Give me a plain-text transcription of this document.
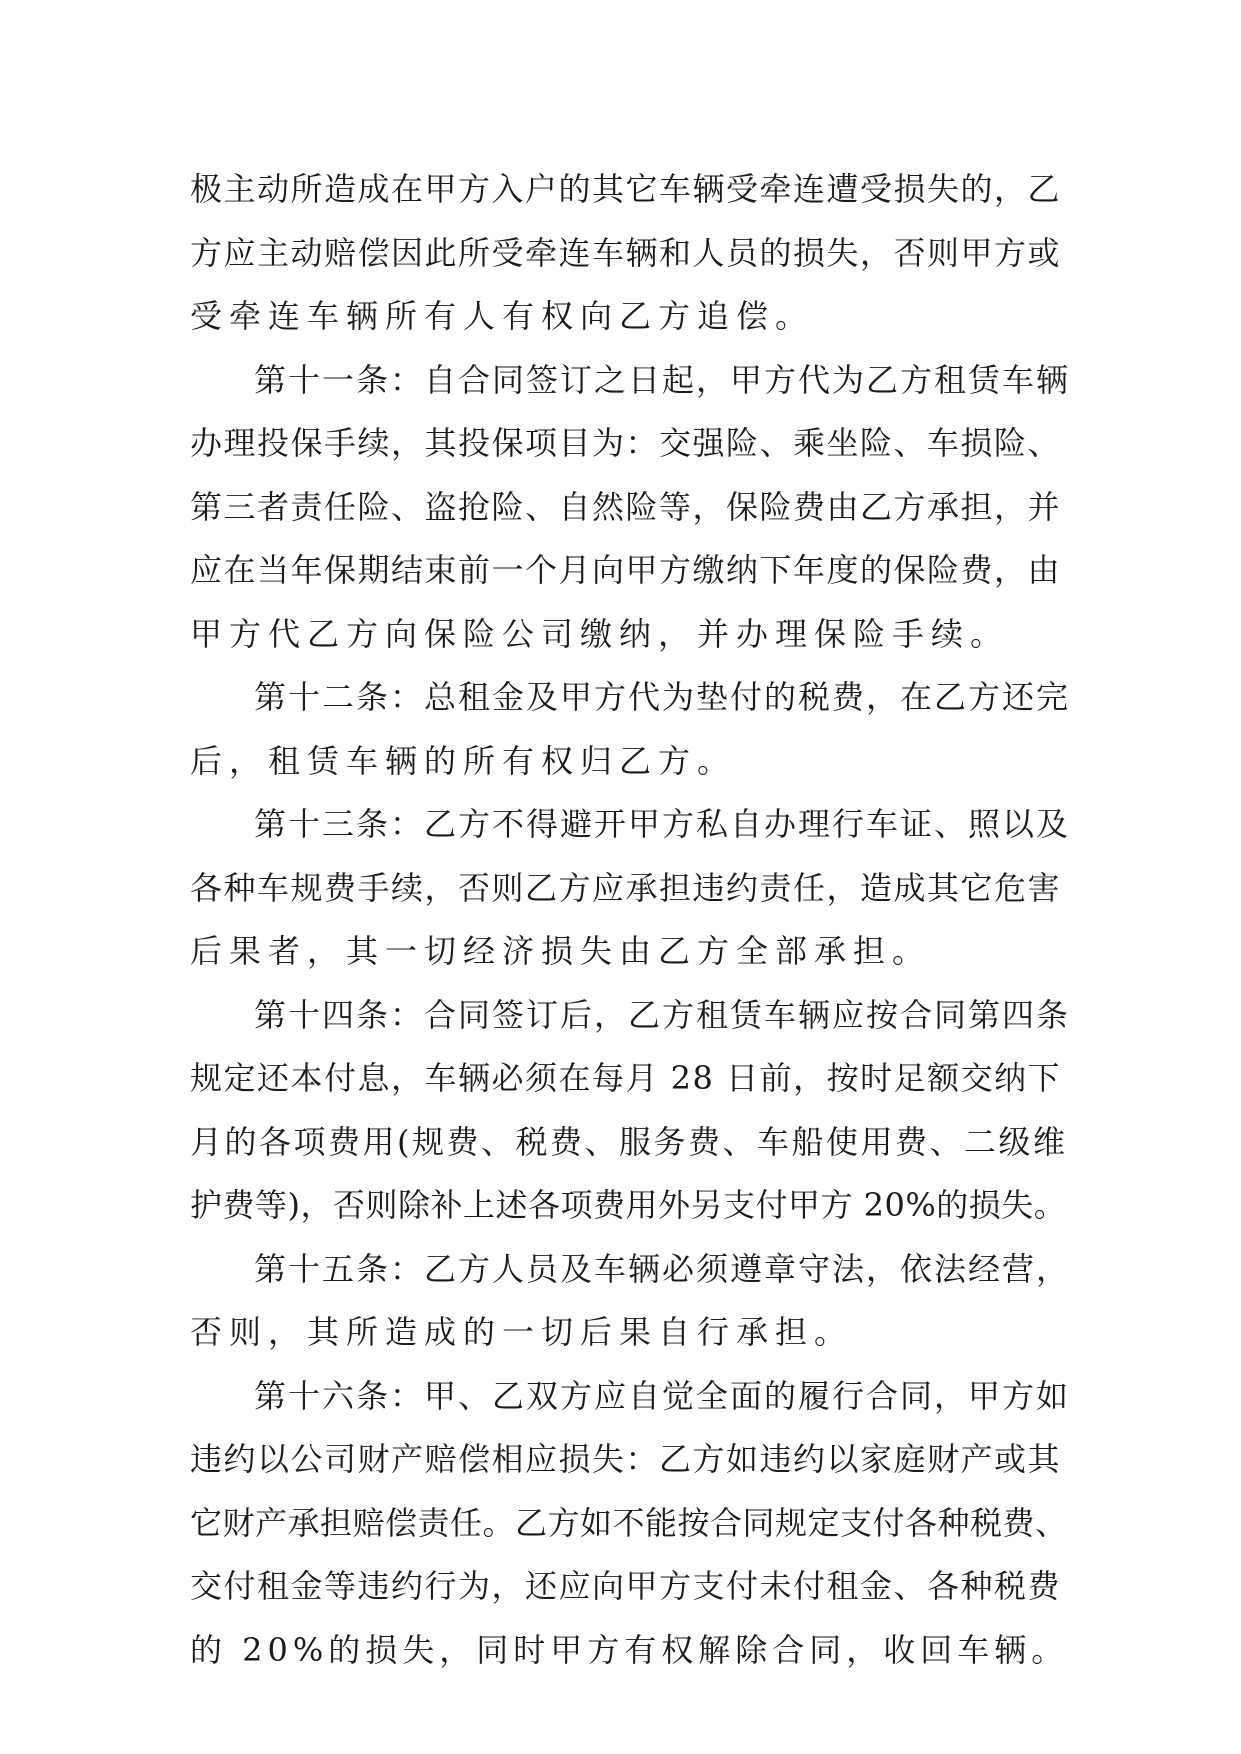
极主动所造成在甲方入户的其它车辆受牵连遭受损失的，乙
方应主动赔偿因此所受牵连车辆和人员的损失，否则甲方或
受牵连车辆所有人有权向乙方追偿。

第十一条：自合同签订之日起，甲方代为乙方租赁车辆
办理投保手续，其投保项目为：交强险、乘坐险、车损险、
第三者责任险、盗抢险、自然险等，保险费由乙方承担，并
应在当年保期结束前一个月向甲方缴纳下年度的保险费，由
甲方代乙方向保险公司缴纳，并办理保险手续。

第十二条：总租金及甲方代为垫付的税费，在乙方还完
后，租赁车辆的所有权归乙方。

第十三条：乙方不得避开甲方私自办理行车证、照以及
各种车规费手续，否则乙方应承担违约责任，造成其它危害
后果者，其一切经济损失由乙方全部承担。

第十四条：合同签订后，乙方租赁车辆应按合同第四条
规定还本付息，车辆必须在每月 28 日前，按时足额交纳下
月的各项费用(规费、税费、服务费、车船使用费、二级维
护费等)，否则除补上述各项费用外另支付甲方 20%的损失。

第十五条：乙方人员及车辆必须遵章守法，依法经营，
否则，其所造成的一切后果自行承担。

第十六条：甲、乙双方应自觉全面的履行合同，甲方如
违约以公司财产赔偿相应损失：乙方如违约以家庭财产或其
它财产承担赔偿责任。乙方如不能按合同规定支付各种税费、
交付租金等违约行为，还应向甲方支付未付租金、各种税费
的 20%的损失，同时甲方有权解除合同，收回车辆。
